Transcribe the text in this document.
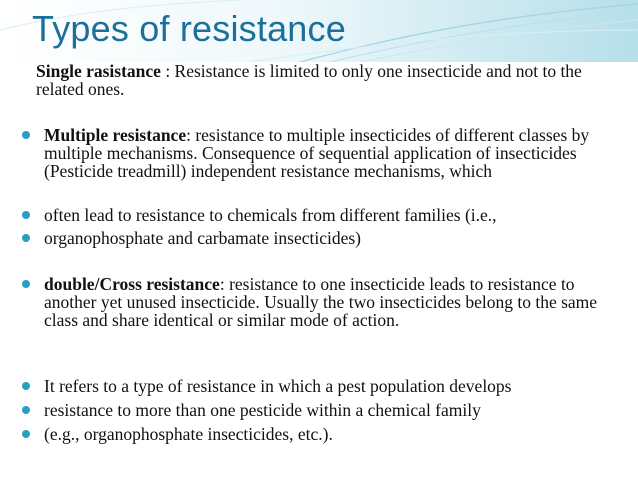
Types of resistance

Single rasistance : Resistance is limited to only one insecticide and not to the related ones.

Multiple resistance: resistance to multiple insecticides of different classes by multiple mechanisms. Consequence of sequential application of insecticides (Pesticide treadmill) independent resistance mechanisms, which

often lead to resistance to chemicals from different families (i.e.,

organophosphate and carbamate insecticides)

double/Cross resistance: resistance to one insecticide leads to resistance to another yet unused insecticide. Usually the two insecticides belong to the same class and share identical or similar mode of action.

It refers to a type of resistance in which a pest population develops

resistance to more than one pesticide within a chemical family

(e.g., organophosphate insecticides, etc.).
